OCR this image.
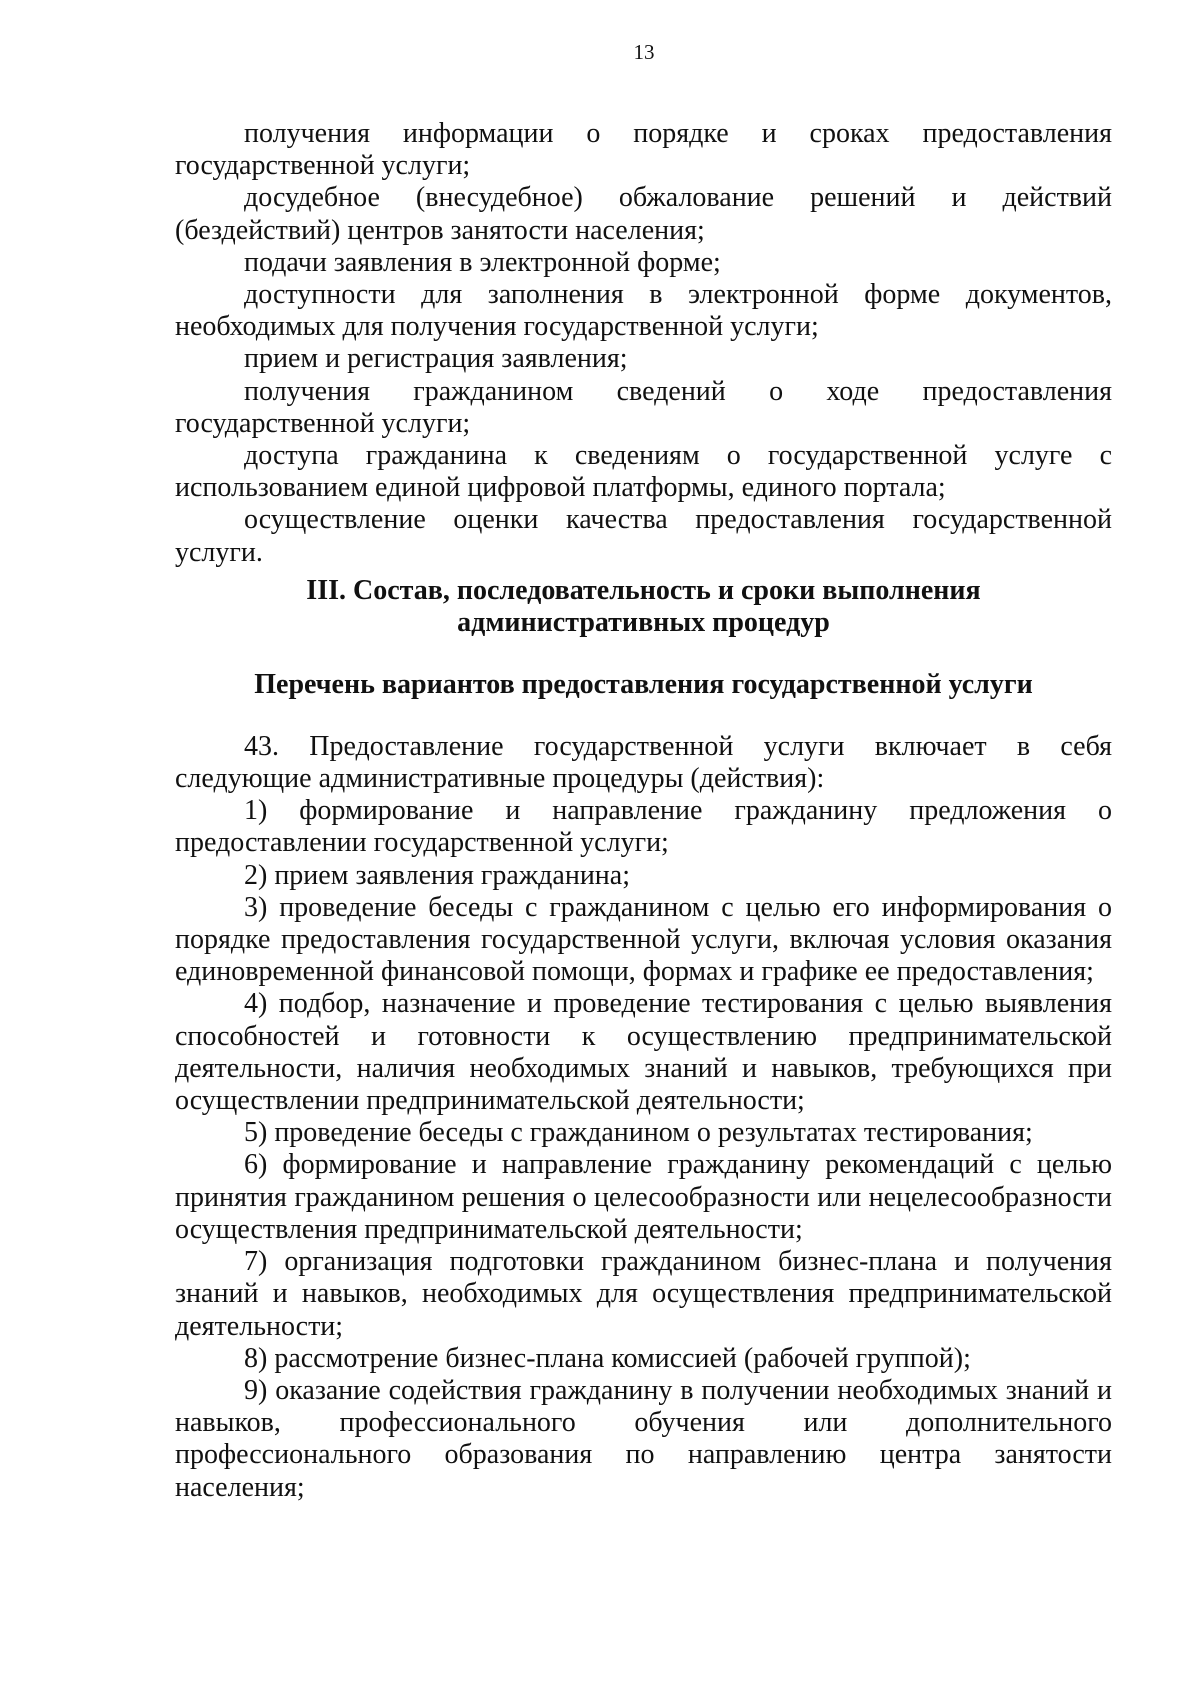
13

получения информации о порядке и сроках предоставления государственной услуги;

досудебное (внесудебное) обжалование решений и действий (бездействий) центров занятости населения;

подачи заявления в электронной форме;

доступности для заполнения в электронной форме документов, необходимых для получения государственной услуги;

прием и регистрация заявления;

получения гражданином сведений о ходе предоставления государственной услуги;

доступа гражданина к сведениям о государственной услуге с использованием единой цифровой платформы, единого портала;

осуществление оценки качества предоставления государственной услуги.

III. Состав, последовательность и сроки выполнения
административных процедур
Перечень вариантов предоставления государственной услуги

43. Предоставление государственной услуги включает в себя следующие административные процедуры (действия):

1) формирование и направление гражданину предложения о предоставлении государственной услуги;

2) прием заявления гражданина;

3) проведение беседы с гражданином с целью его информирования о порядке предоставления государственной услуги, включая условия оказания единовременной финансовой помощи, формах и графике ее предоставления;

4) подбор, назначение и проведение тестирования с целью выявления способностей и готовности к осуществлению предпринимательской деятельности, наличия необходимых знаний и навыков, требующихся при осуществлении предпринимательской деятельности;

5) проведение беседы с гражданином о результатах тестирования;

6) формирование и направление гражданину рекомендаций с целью принятия гражданином решения о целесообразности или нецелесообразности осуществления предпринимательской деятельности;

7) организация подготовки гражданином бизнес-плана и получения знаний и навыков, необходимых для осуществления предпринимательской деятельности;

8) рассмотрение бизнес-плана комиссией (рабочей группой);

9) оказание содействия гражданину в получении необходимых знаний и навыков, профессионального обучения или дополнительного профессионального образования по направлению центра занятости населения;
